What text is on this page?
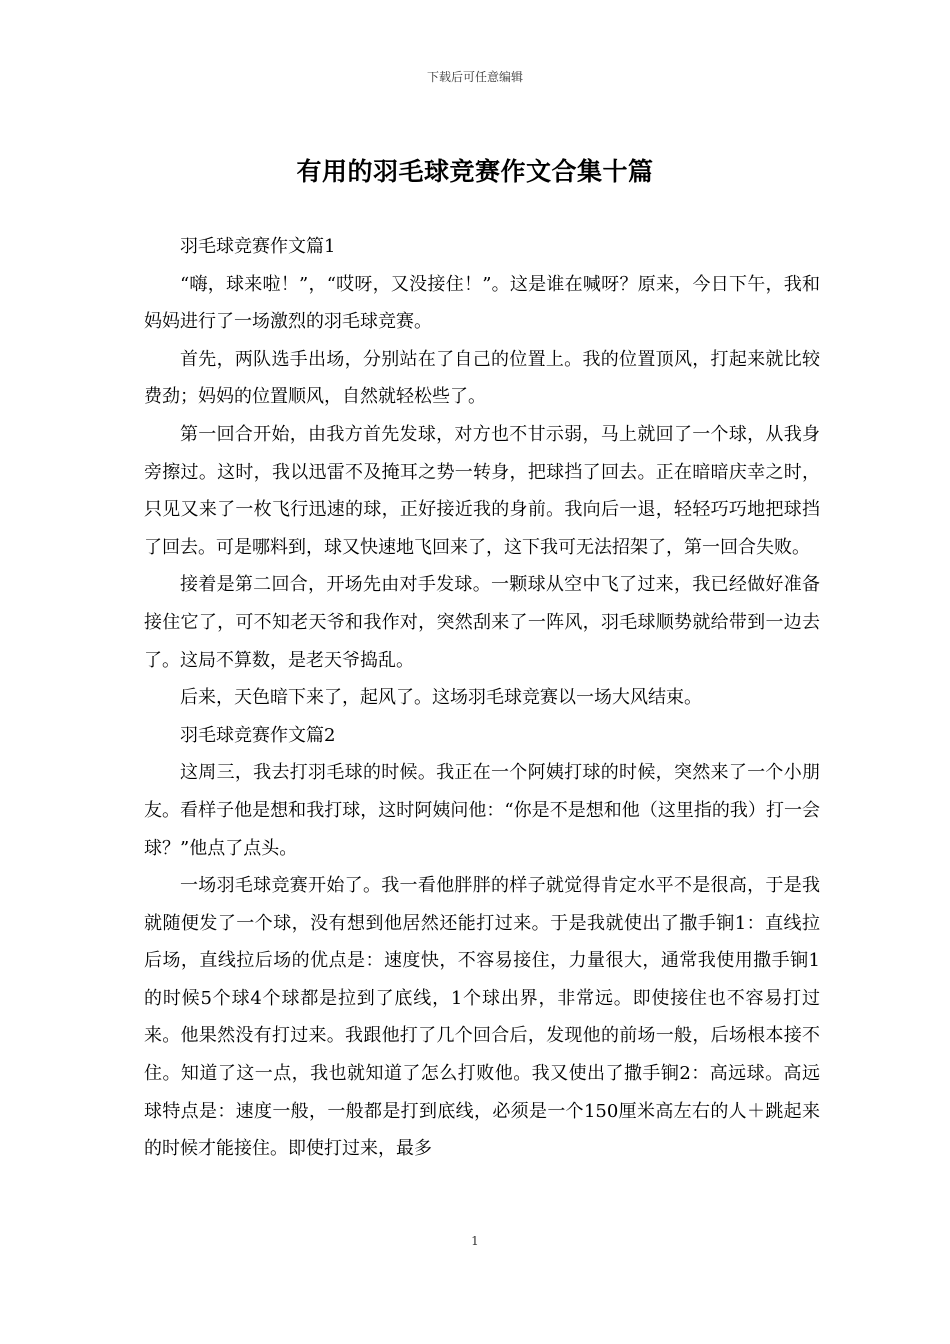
下载后可任意编辑
有用的羽毛球竞赛作文合集十篇

羽毛球竞赛作文篇1

“嗨，球来啦！”，“哎呀，又没接住！”。这是谁在喊呀？原来，今日下午，我和妈妈进行了一场激烈的羽毛球竞赛。

首先，两队选手出场，分别站在了自己的位置上。我的位置顶风，打起来就比较费劲；妈妈的位置顺风，自然就轻松些了。

第一回合开始，由我方首先发球，对方也不甘示弱，马上就回了一个球，从我身旁擦过。这时，我以迅雷不及掩耳之势一转身，把球挡了回去。正在暗暗庆幸之时，只见又来了一枚飞行迅速的球，正好接近我的身前。我向后一退，轻轻巧巧地把球挡了回去。可是哪料到，球又快速地飞回来了，这下我可无法招架了，第一回合失败。

接着是第二回合，开场先由对手发球。一颗球从空中飞了过来，我已经做好准备接住它了，可不知老天爷和我作对，突然刮来了一阵风，羽毛球顺势就给带到一边去了。这局不算数，是老天爷捣乱。

后来，天色暗下来了，起风了。这场羽毛球竞赛以一场大风结束。

羽毛球竞赛作文篇2

这周三，我去打羽毛球的时候。我正在一个阿姨打球的时候，突然来了一个小朋友。看样子他是想和我打球，这时阿姨问他：“你是不是想和他（这里指的我）打一会球？”他点了点头。

一场羽毛球竞赛开始了。我一看他胖胖的样子就觉得肯定水平不是很高，于是我就随便发了一个球，没有想到他居然还能打过来。于是我就使出了撒手锏1：直线拉后场，直线拉后场的优点是：速度快，不容易接住，力量很大，通常我使用撒手锏1的时候5个球4个球都是拉到了底线，1个球出界，非常远。即使接住也不容易打过来。他果然没有打过来。我跟他打了几个回合后，发现他的前场一般，后场根本接不住。知道了这一点，我也就知道了怎么打败他。我又使出了撒手锏2：高远球。高远球特点是：速度一般，一般都是打到底线，必须是一个150厘米高左右的人＋跳起来的时候才能接住。即使打过来，最多

1
